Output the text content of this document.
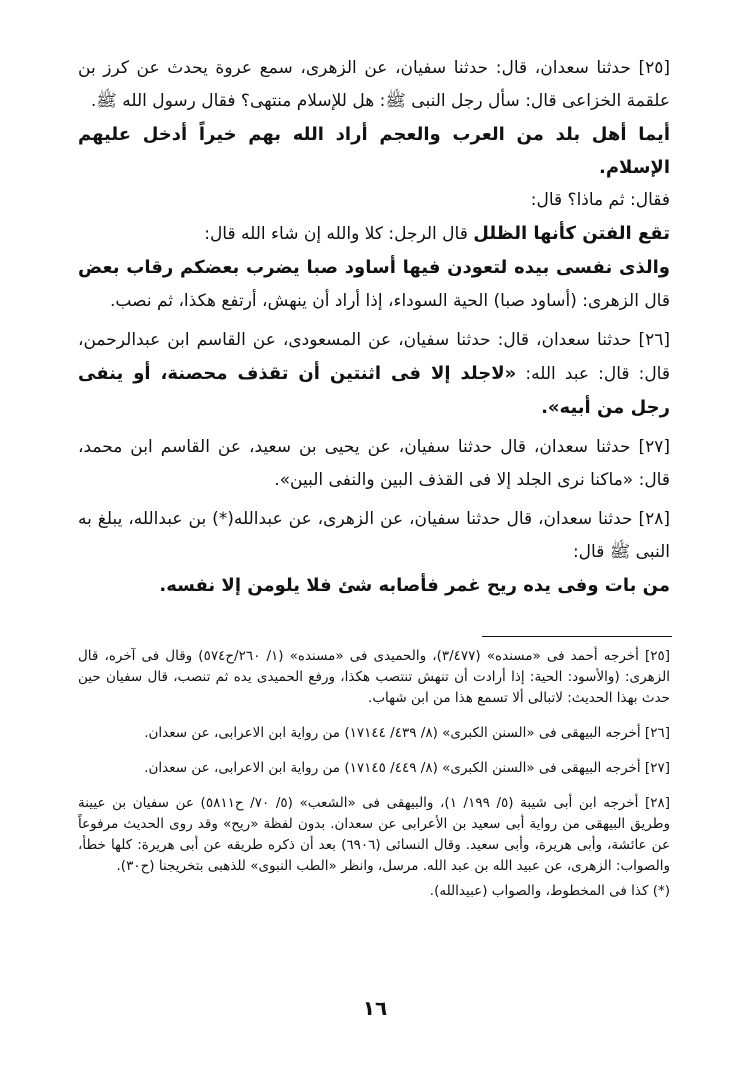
[٢٥] حدثنا سعدان، قال: حدثنا سفيان، عن الزهرى، سمع عروة يحدث عن كرز بن علقمة الخزاعى قال: سأل رجل النبى ﷺ: هل للإسلام منتهى؟ فقال رسول الله ﷺ.

أيما أهل بلد من العرب والعجم أراد الله بهم خيراً أدخل عليهم الإسلام.

فقال: ثم ماذا؟ قال:

تقع الفتن كأنها الظلل قال الرجل: كلا والله إن شاء الله قال:

والذى نفسى بيده لتعودن فيها أساود صبا يضرب بعضكم رقاب بعض قال الزهرى: (أساود صبا) الحية السوداء، إذا أراد أن ينهش، أرتفع هكذا، ثم نصب.

[٢٦] حدثنا سعدان، قال: حدثنا سفيان، عن المسعودى، عن القاسم ابن عبدالرحمن، قال: قال: عبد الله: «لاجلد إلا فى اثنتين أن تقذف محصنة، أو ينفى رجل من أبيه».

[٢٧] حدثنا سعدان، قال حدثنا سفيان، عن يحيى بن سعيد، عن القاسم ابن محمد، قال: «ماكنا نرى الجلد إلا فى القذف البين والنفى البين».

[٢٨] حدثنا سعدان، قال حدثنا سفيان، عن الزهرى، عن عبدالله(*) بن عبدالله، يبلغ به النبى ﷺ قال:

من بات وفى يده ريح غمر فأصابه شئ فلا يلومن إلا نفسه.

[٢٥] أخرجه أحمد فى «مسنده» (٣/٤٧٧)، والحميدى فى «مسنده» (١/ ٢٦٠/ح٥٧٤) وقال فى آخره، قال الزهرى: (والأسود: الحية: إذا أرادت أن تنهش تنتصب هكذا، ورفع الحميدى يده ثم تنصب، قال سفيان حين حدث بهذا الحديث: لاتبالى ألا تسمع هذا من ابن شهاب.

[٢٦] أخرجه البيهقى فى «السنن الكبرى» (٨/ ٤٣٩/ ١٧١٤٤) من رواية ابن الاعرابى، عن سعدان.

[٢٧] أخرجه البيهقى فى «السنن الكبرى» (٨/ ٤٤٩/ ١٧١٤٥) من رواية ابن الاعرابى، عن سعدان.

[٢٨] أخرجه ابن أبى شيبة (٥/ ١٩٩/ ١)، والبيهقى فى «الشعب» (٥/ ٧٠/ ح٥٨١١) عن سفيان بن عيينة وطريق البيهقى من رواية أبى سعيد بن الأعرابى عن سعدان. بدون لفظة «ريح» وقد روى الحديث مرفوعاً عن عائشة، وأبى هريرة، وأبى سعيد. وقال النسائى (٦٩٠٦) بعد أن ذكره طريقه عن أبى هريرة: كلها خطأ، والصواب: الزهرى، عن عبيد الله بن عبد الله. مرسل، وانظر «الطب النبوى» للذهبى بتخريجنا (ح٣٠).

(*) كذا فى المخطوط، والصواب (عبيدالله).

١٦
